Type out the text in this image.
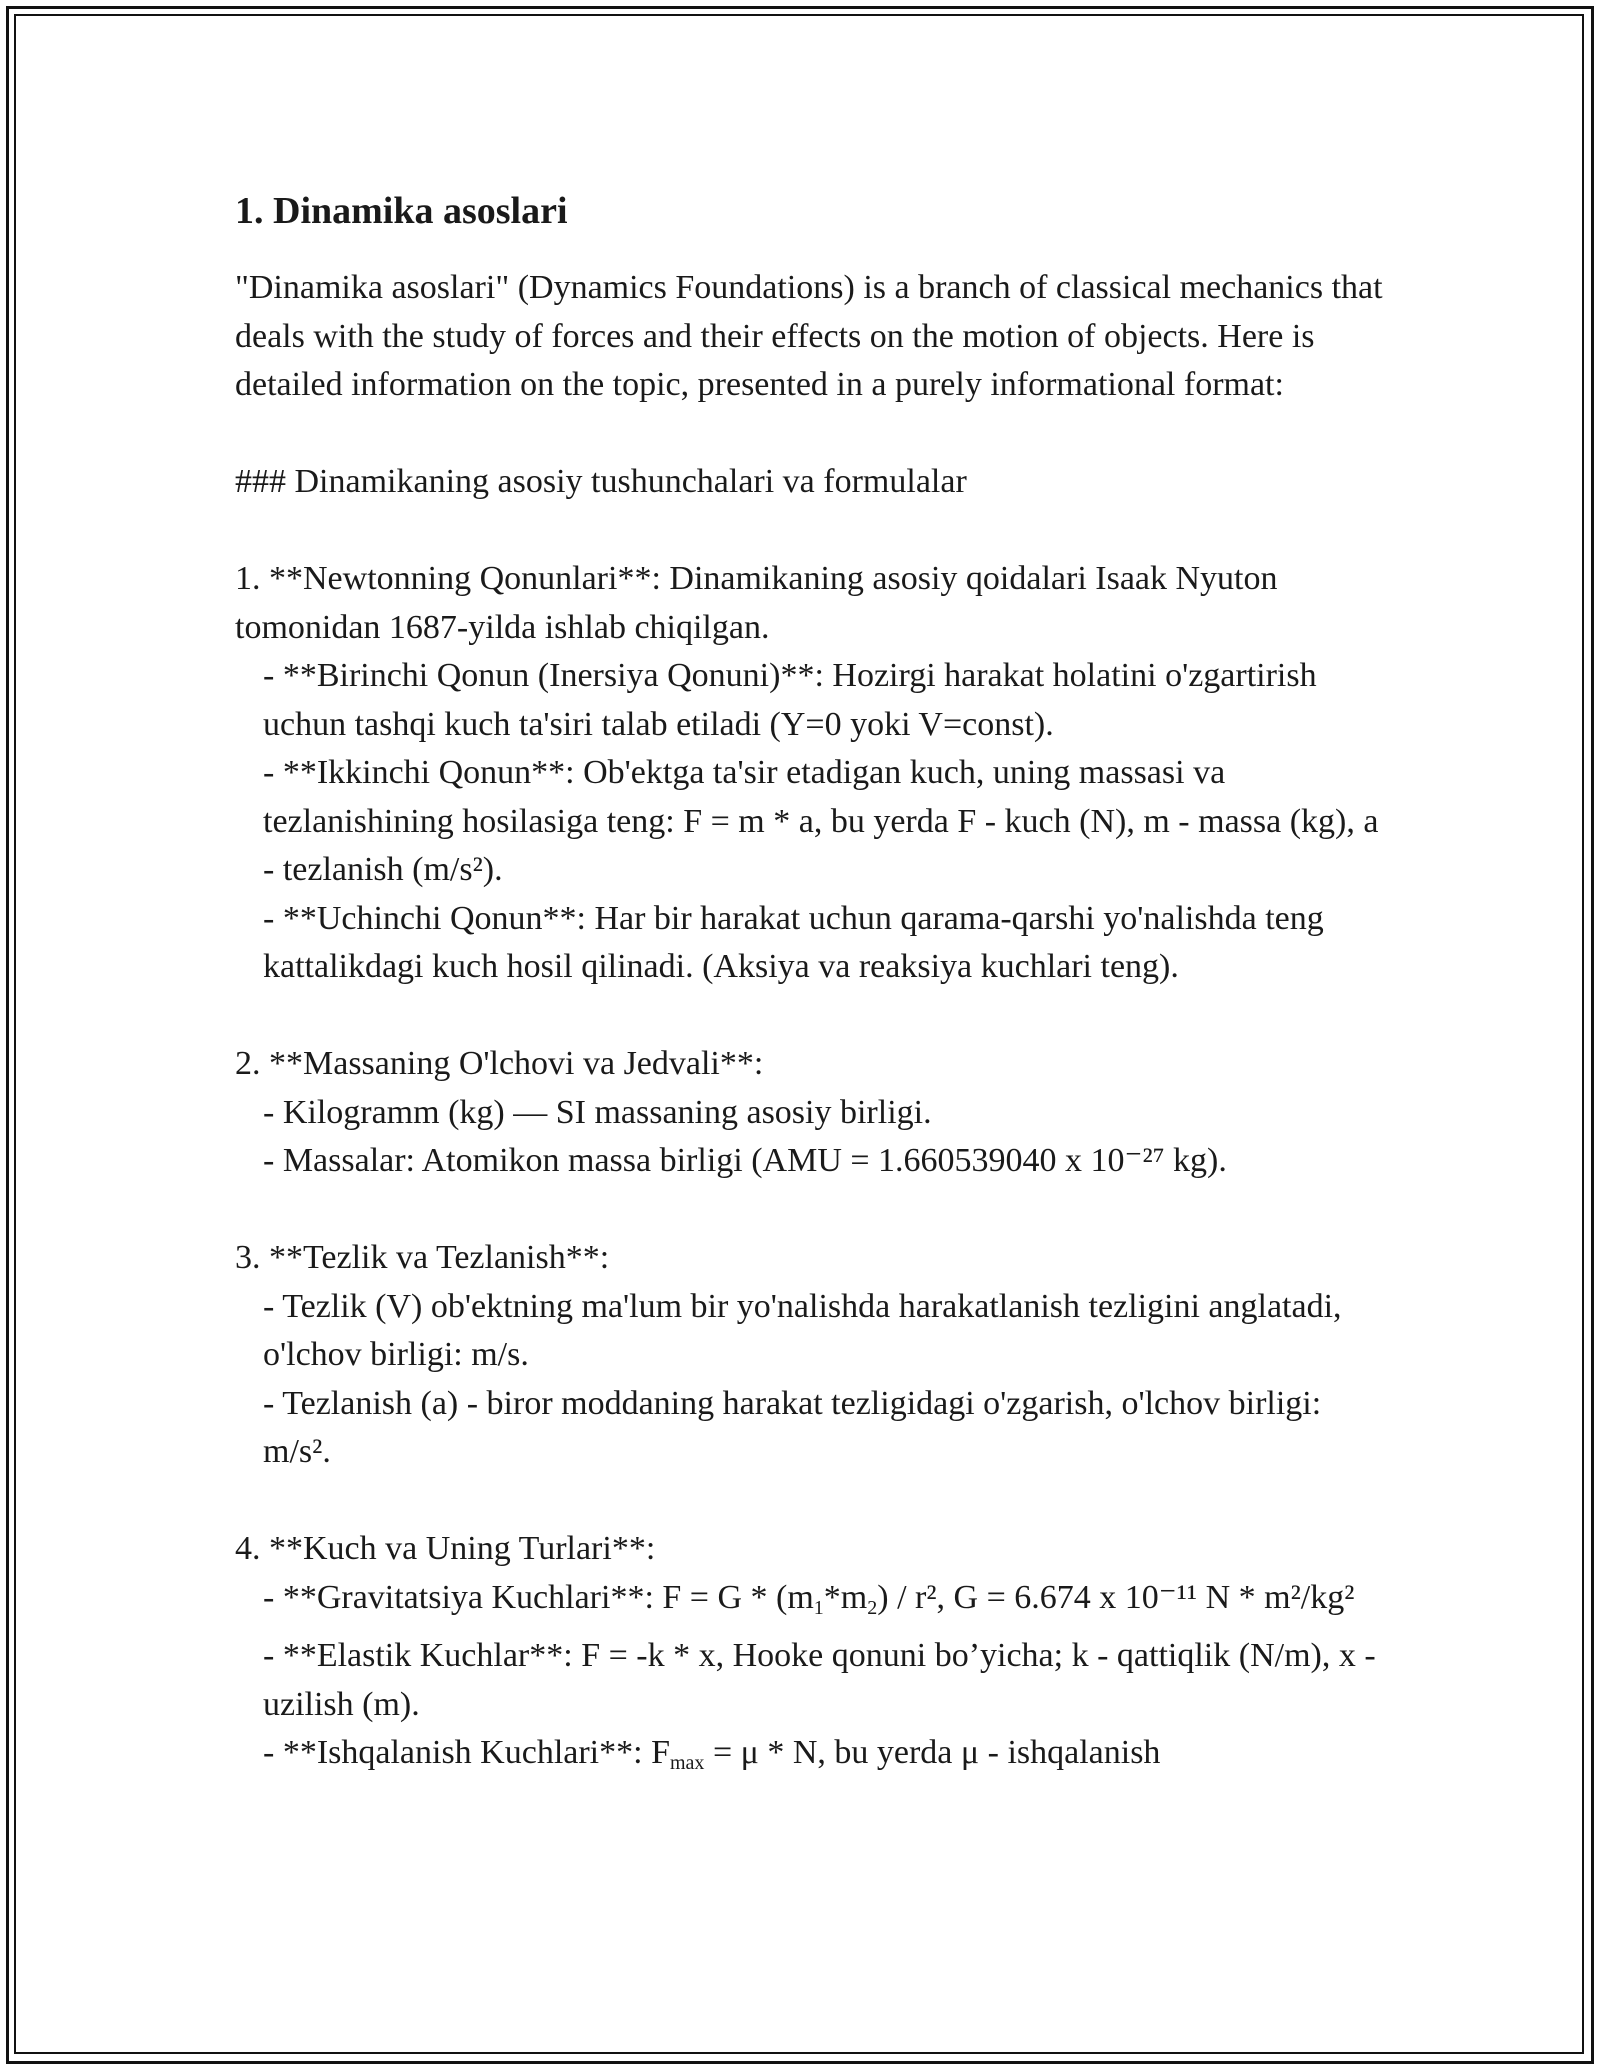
1. Dinamika asoslari

"Dinamika asoslari" (Dynamics Foundations) is a branch of classical mechanics that deals with the study of forces and their effects on the motion of objects. Here is detailed information on the topic, presented in a purely informational format:

### Dinamikaning asosiy tushunchalari va formulalar

1. **Newtonning Qonunlari**: Dinamikaning asosiy qoidalari Isaak Nyuton tomonidan 1687-yilda ishlab chiqilgan.

- **Birinchi Qonun (Inersiya Qonuni)**: Hozirgi harakat holatini o'zgartirish uchun tashqi kuch ta'siri talab etiladi (Y=0 yoki V=const).

- **Ikkinchi Qonun**: Ob'ektga ta'sir etadigan kuch, uning massasi va tezlanishining hosilasiga teng: F = m * a, bu yerda F - kuch (N), m - massa (kg), a - tezlanish (m/s²).

- **Uchinchi Qonun**: Har bir harakat uchun qarama-qarshi yo'nalishda teng kattalikdagi kuch hosil qilinadi. (Aksiya va reaksiya kuchlari teng).

2. **Massaning O'lchovi va Jedvali**:

- Kilogramm (kg) — SI massaning asosiy birligi.

- Massalar: Atomikon massa birligi (AMU = 1.660539040 x 10⁻²⁷ kg).

3. **Tezlik va Tezlanish**:

- Tezlik (V) ob'ektning ma'lum bir yo'nalishda harakatlanish tezligini anglatadi, o'lchov birligi: m/s.

- Tezlanish (a) - biror moddaning harakat tezligidagi o'zgarish, o'lchov birligi: m/s².

4. **Kuch va Uning Turlari**:

- **Gravitatsiya Kuchlari**: $F = G * (m_1*m_2) / r^2$, G = 6.674 x 10⁻¹¹ N * m²/kg²

- **Elastik Kuchlar**: F = -k * x, Hooke qonuni bo’yicha; k - qattiqlik (N/m), x - uzilish (m).

- **Ishqalanish Kuchlari**: $F_{max} = \mu * N$, bu yerda μ - ishqalanish
